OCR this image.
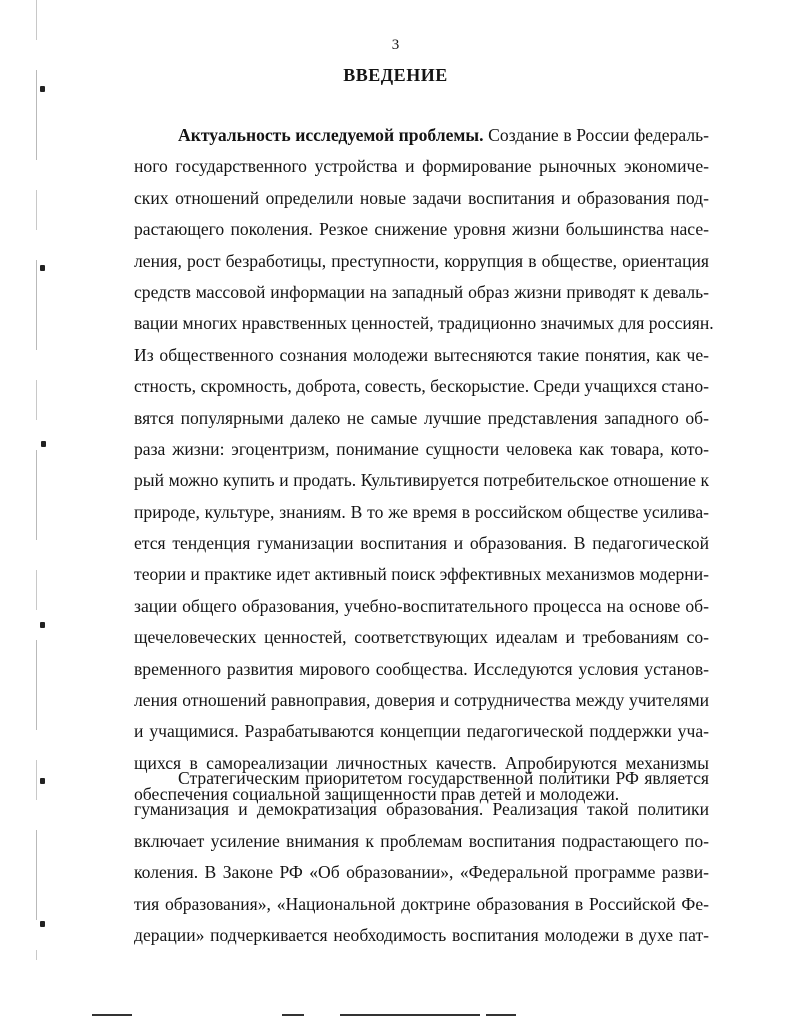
3
ВВЕДЕНИЕ
Актуальность исследуемой проблемы. Создание в России федераль-
ного государственного устройства и формирование рыночных экономиче-
ских отношений определили новые задачи воспитания и образования под-
растающего поколения. Резкое снижение уровня жизни большинства насе-
ления, рост безработицы, преступности, коррупция в обществе, ориентация
средств массовой информации на западный образ жизни приводят к деваль-
вации многих нравственных ценностей, традиционно значимых для россиян.
Из общественного сознания молодежи вытесняются такие понятия, как че-
стность, скромность, доброта, совесть, бескорыстие. Среди учащихся стано-
вятся популярными далеко не самые лучшие представления западного об-
раза жизни: эгоцентризм, понимание сущности человека как товара, кото-
рый можно купить и продать. Культивируется потребительское отношение к
природе, культуре, знаниям. В то же время в российском обществе усилива-
ется тенденция гуманизации воспитания и образования. В педагогической
теории и практике идет активный поиск эффективных механизмов модерни-
зации общего образования, учебно-воспитательного процесса на основе об-
щечеловеческих ценностей, соответствующих идеалам и требованиям со-
временного развития мирового сообщества. Исследуются условия установ-
ления отношений равноправия, доверия и сотрудничества между учителями
и учащимися. Разрабатываются концепции педагогической поддержки уча-
щихся в самореализации личностных качеств. Апробируются механизмы
обеспечения социальной защищенности прав детей и молодежи.
Стратегическим приоритетом государственной политики РФ является
гуманизация и демократизация образования. Реализация такой политики
включает усиление внимания к проблемам воспитания подрастающего по-
коления. В Законе РФ «Об образовании», «Федеральной программе разви-
тия образования», «Национальной доктрине образования в Российской Фе-
дерации» подчеркивается необходимость воспитания молодежи в духе пат-
